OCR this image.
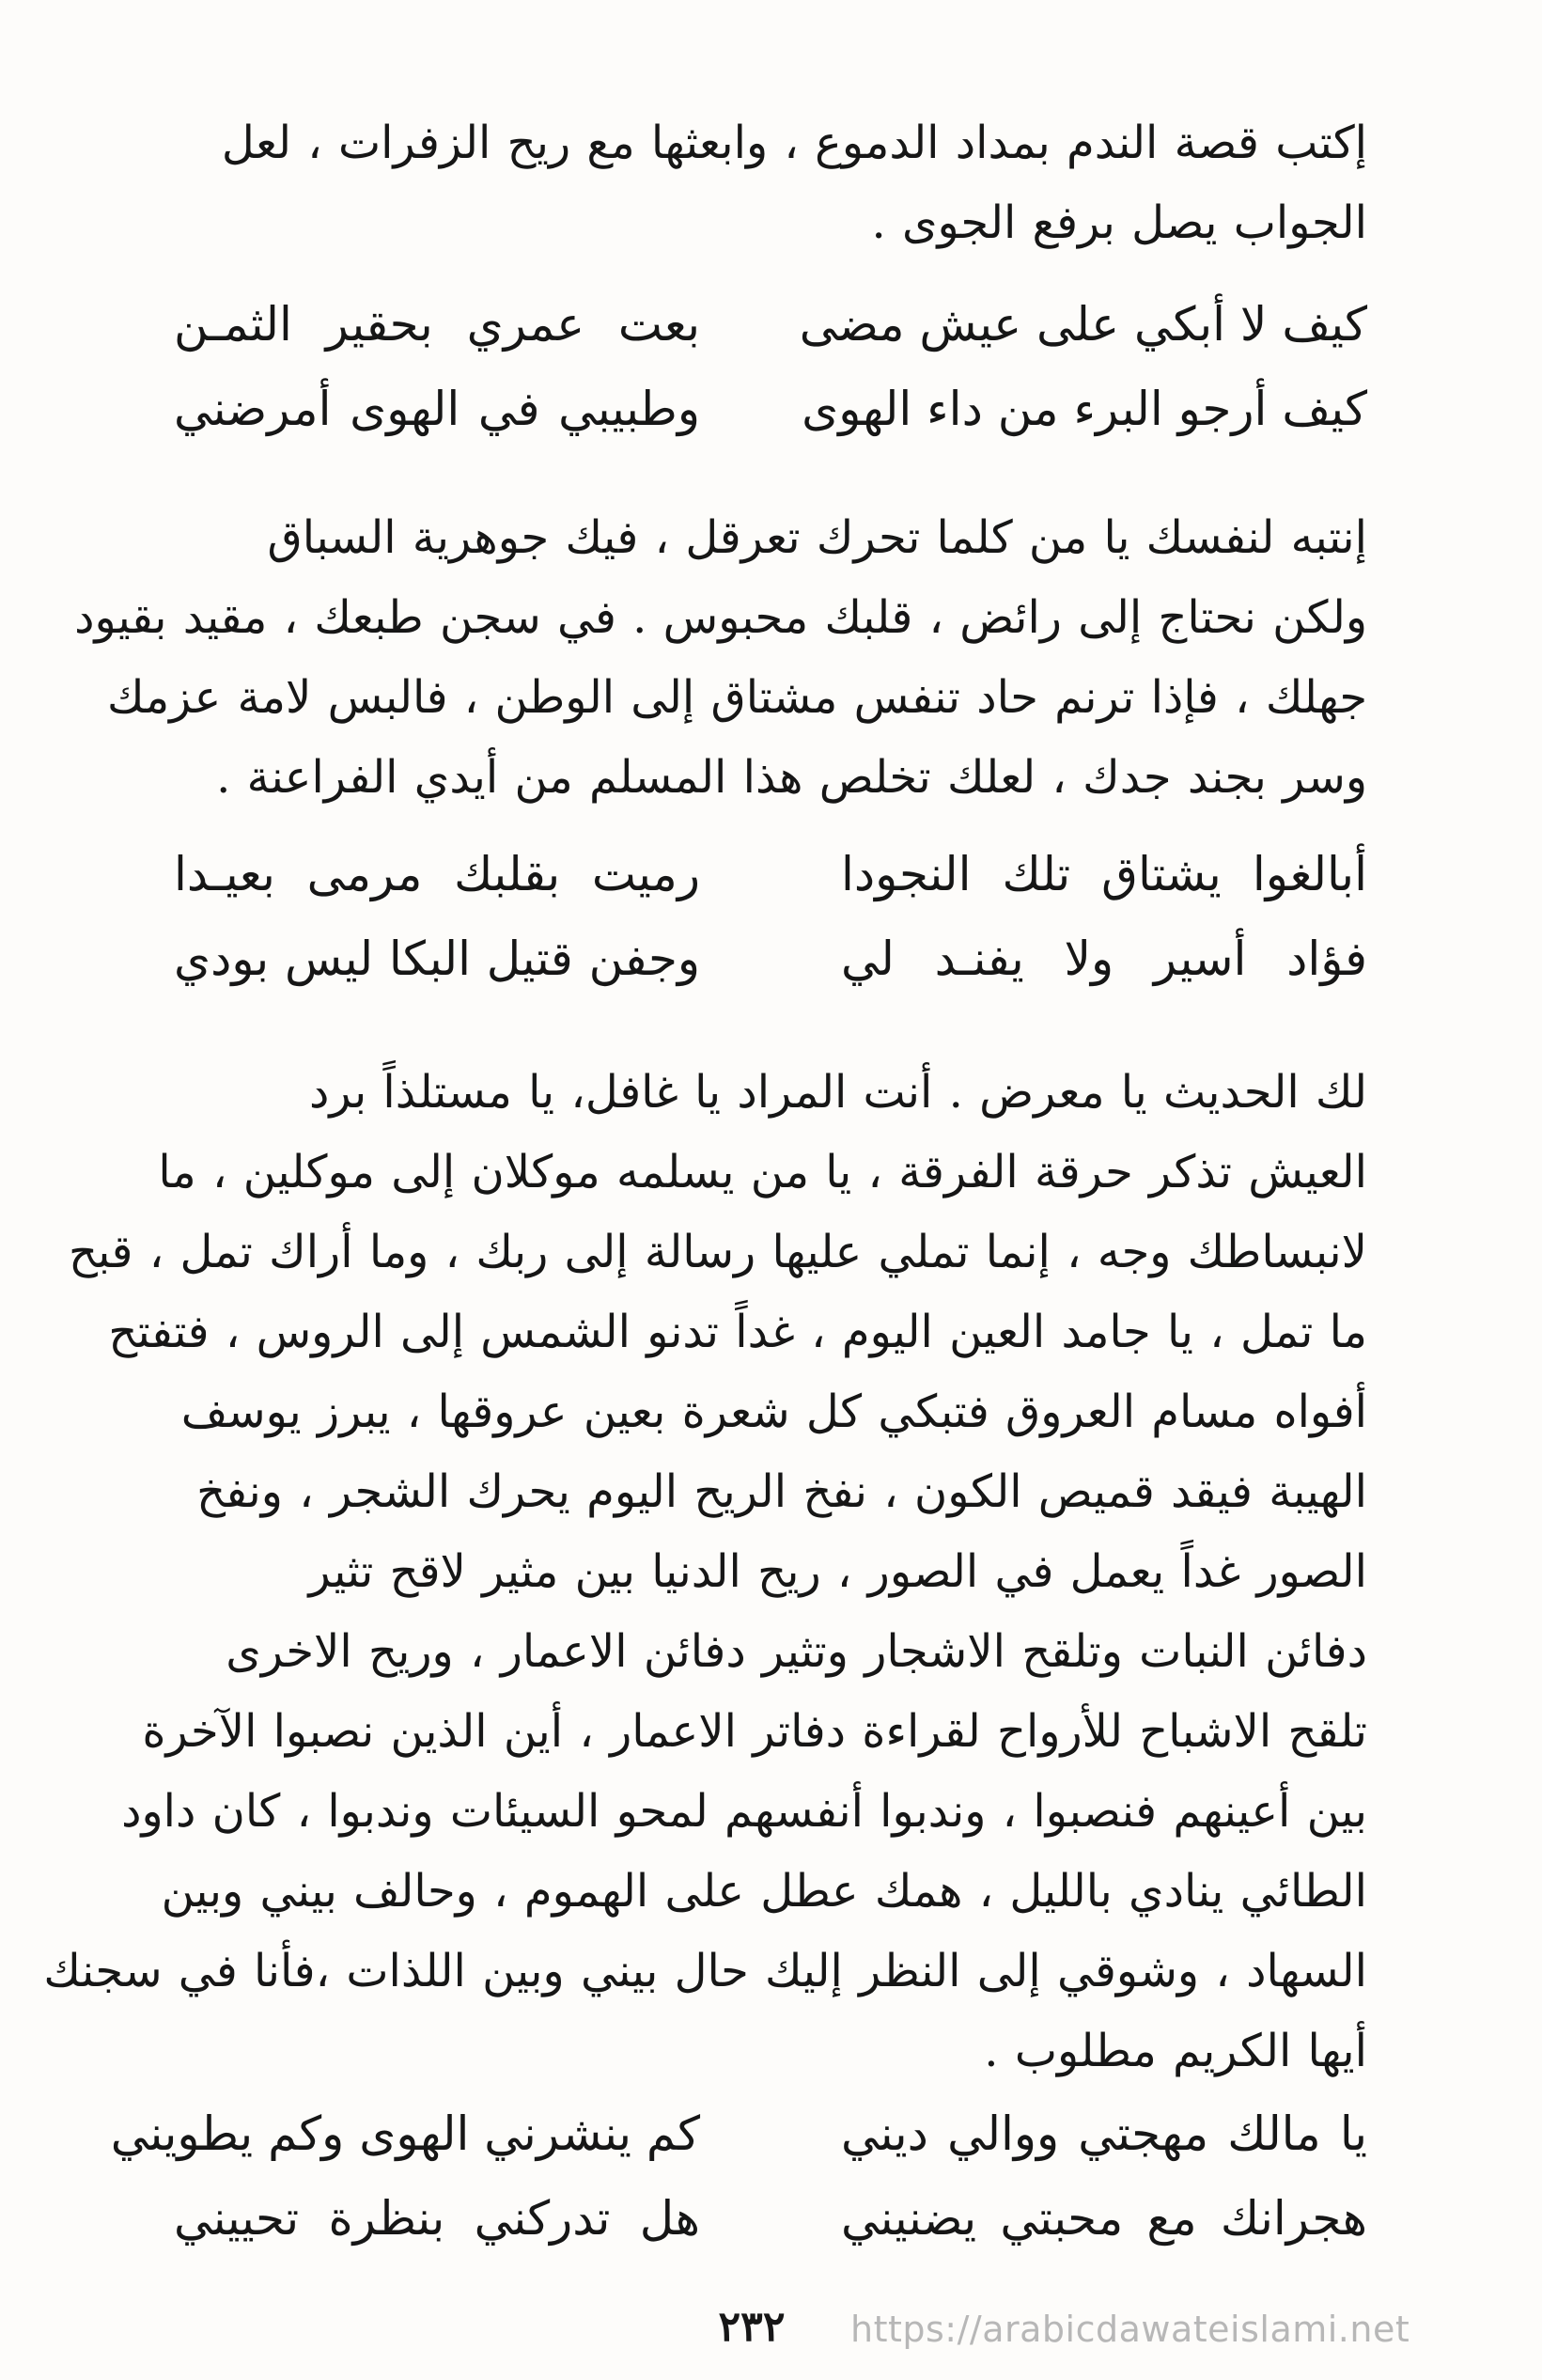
إكتب قصة الندم بمداد الدموع ، وابعثها مع ريح الزفرات ، لعل
الجواب يصل برفع الجوى .
كيف لا أبكي على عيش مضى
بعت عمري بحقير الثمـن
كيف أرجو البرء من داء الهوى
وطبيبي في الهوى أمرضني
إنتبه لنفسك يا من كلما تحرك تعرقل ، فيك جوهرية السباق
ولكن نحتاج إلى رائض ، قلبك محبوس . في سجن طبعك ، مقيد بقيود
جهلك ، فإذا ترنم حاد تنفس مشتاق إلى الوطن ، فالبس لامة عزمك
وسر بجند جدك ، لعلك تخلص هذا المسلم من أيدي الفراعنة .
أبالغوا يشتاق تلك النجودا
رميت بقلبك مرمى بعيـدا
فؤاد أسير ولا يفنـد لي
وجفن قتيل البكا ليس بودي
لك الحديث يا معرض . أنت المراد يا غافل، يا مستلذاً برد
العيش تذكر حرقة الفرقة ، يا من يسلمه موكلان إلى موكلين ، ما
لانبساطك وجه ، إنما تملي عليها رسالة إلى ربك ، وما أراك تمل ، قبح
ما تمل ، يا جامد العين اليوم ، غداً تدنو الشمس إلى الروس ، فتفتح
أفواه مسام العروق فتبكي كل شعرة بعين عروقها ، يبرز يوسف
الهيبة فيقد قميص الكون ، نفخ الريح اليوم يحرك الشجر ، ونفخ
الصور غداً يعمل في الصور ، ريح الدنيا بين مثير لاقح تثير
دفائن النبات وتلقح الاشجار وتثير دفائن الاعمار ، وريح الاخرى
تلقح الاشباح للأرواح لقراءة دفاتر الاعمار ، أين الذين نصبوا الآخرة
بين أعينهم فنصبوا ، وندبوا أنفسهم لمحو السيئات وندبوا ، كان داود
الطائي ينادي بالليل ، همك عطل على الهموم ، وحالف بيني وبين
السهاد ، وشوقي إلى النظر إليك حال بيني وبين اللذات ،فأنا في سجنك
أيها الكريم مطلوب .
يا مالك مهجتي ووالي ديني
كم ينشرني الهوى وكم يطويني
هجرانك مع محبتي يضنيني
هل تدركني بنظرة تحييني
٢٣٢	https://arabicdawateislami.net
